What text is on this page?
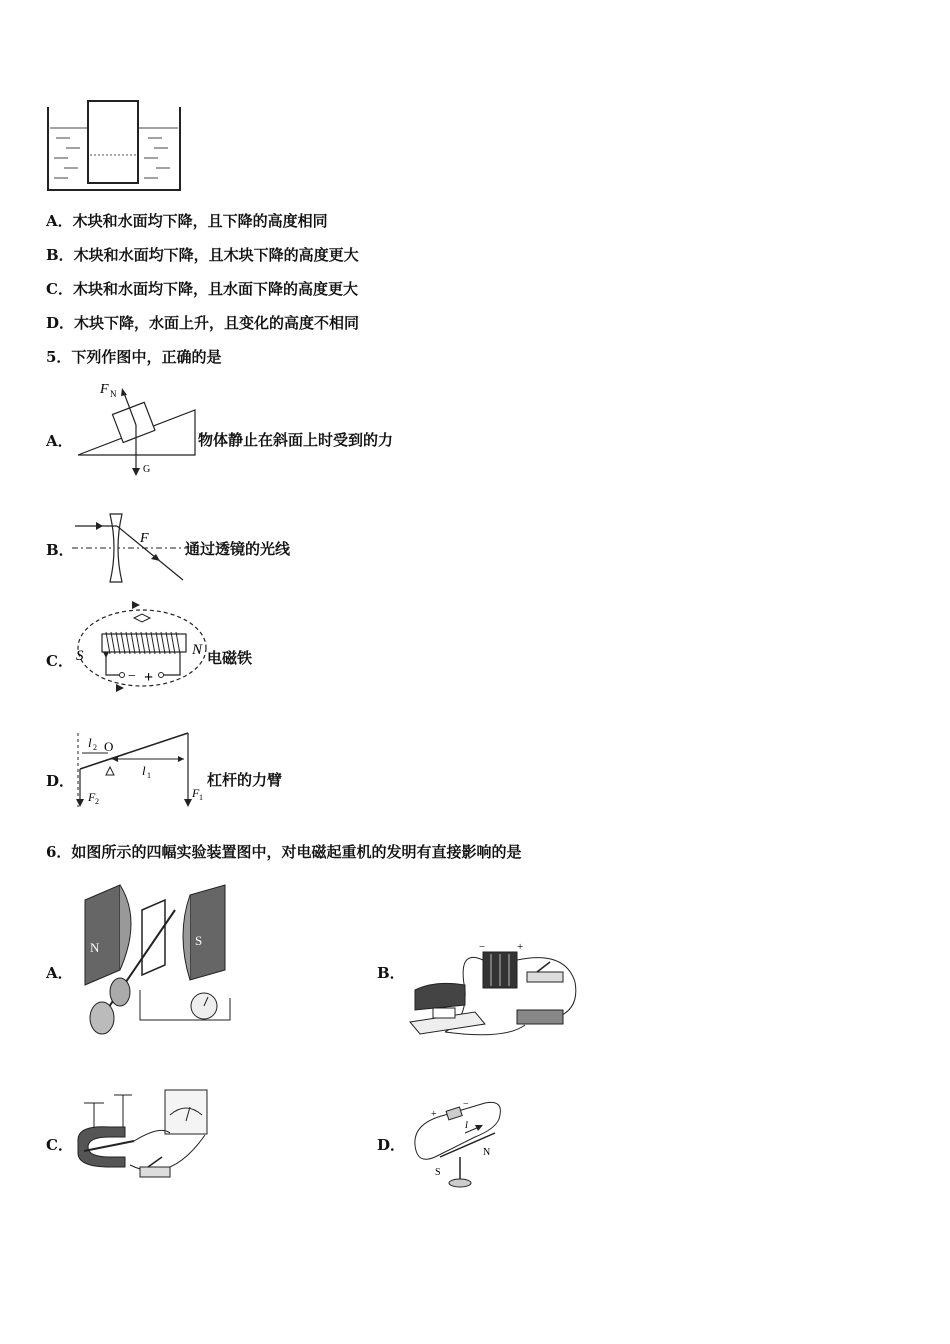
A．木块和水面均下降，且下降的高度相同
B．木块和水面均下降，且木块下降的高度更大
C．木块和水面均下降，且水面下降的高度更大
D．木块下降，水面上升，且变化的高度不相同
5．下列作图中，正确的是
A．
F N
G
物体静止在斜面上时受到的力
B．
F
通过透镜的光线
C． S	N
− +
电磁铁
D．
l 2 O
l 1
F 2
F 1
杠杆的力臂
6．如图所示的四幅实验装置图中，对电磁起重机的发明有直接影响的是
A．
N	S
B．
−	+
C．	D．
+
−
I
N
S
